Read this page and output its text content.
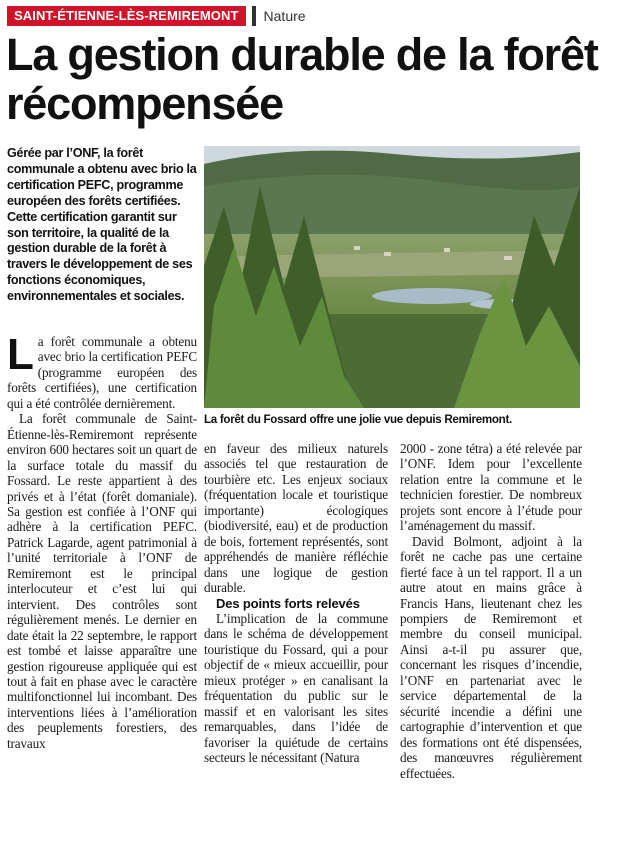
SAINT-ÉTIENNE-LÈS-REMIREMONT	Nature
La gestion durable de la forêt récompensée
Gérée par l’ONF, la forêt communale a obtenu avec brio la certification PEFC, programme européen des forêts certifiées. Cette certification garantit sur son territoire, la qualité de la gestion durable de la forêt à travers le développement de ses fonctions économiques, environnementales et sociales.
La forêt du Fossard offre une jolie vue depuis Remiremont.

La forêt communale a obtenu avec brio la certification PEFC (programme européen des forêts certifiées), une certification qui a été contrôlée dernièrement.

La forêt communale de Saint-Étienne-lès-Remiremont représente environ 600 hectares soit un quart de la surface totale du massif du Fossard. Le reste appartient à des privés et à l’état (forêt domaniale). Sa gestion est confiée à l’ONF qui adhère à la certification PEFC. Patrick Lagarde, agent patrimonial à l’unité territoriale à l’ONF de Remiremont est le principal interlocuteur et c’est lui qui intervient. Des contrôles sont régulièrement menés. Le dernier en date était la 22 septembre, le rapport est tombé et laisse apparaître une gestion rigoureuse appliquée qui est tout à fait en phase avec le caractère multifonctionnel lui incombant. Des interventions liées à l’amélioration des peuplements forestiers, des travaux

en faveur des milieux naturels associés tel que restauration de tourbière etc. Les enjeux sociaux (fréquentation locale et touristique importante) écologiques (biodiversité, eau) et de production de bois, fortement représentés, sont appréhendés de manière réfléchie dans une logique de gestion durable.

Des points forts relevés

L’implication de la commune dans le schéma de développement touristique du Fossard, qui a pour objectif de « mieux accueillir, pour mieux protéger » en canalisant la fréquentation du public sur le massif et en valorisant les sites remarquables, dans l’idée de favoriser la quiétude de certains secteurs le nécessitant (Natura

2000 - zone tétra) a été relevée par l’ONF. Idem pour l’excellente relation entre la commune et le technicien forestier. De nombreux projets sont encore à l’étude pour l’aménagement du massif.

David Bolmont, adjoint à la forêt ne cache pas une certaine fierté face à un tel rapport. Il a un autre atout en mains grâce à Francis Hans, lieutenant chez les pompiers de Remiremont et membre du conseil municipal. Ainsi a-t-il pu assurer que, concernant les risques d’incendie, l’ONF en partenariat avec le service départemental de la sécurité incendie a défini une cartographie d’intervention et que des formations ont été dispensées, des manœuvres régulièrement effectuées.
